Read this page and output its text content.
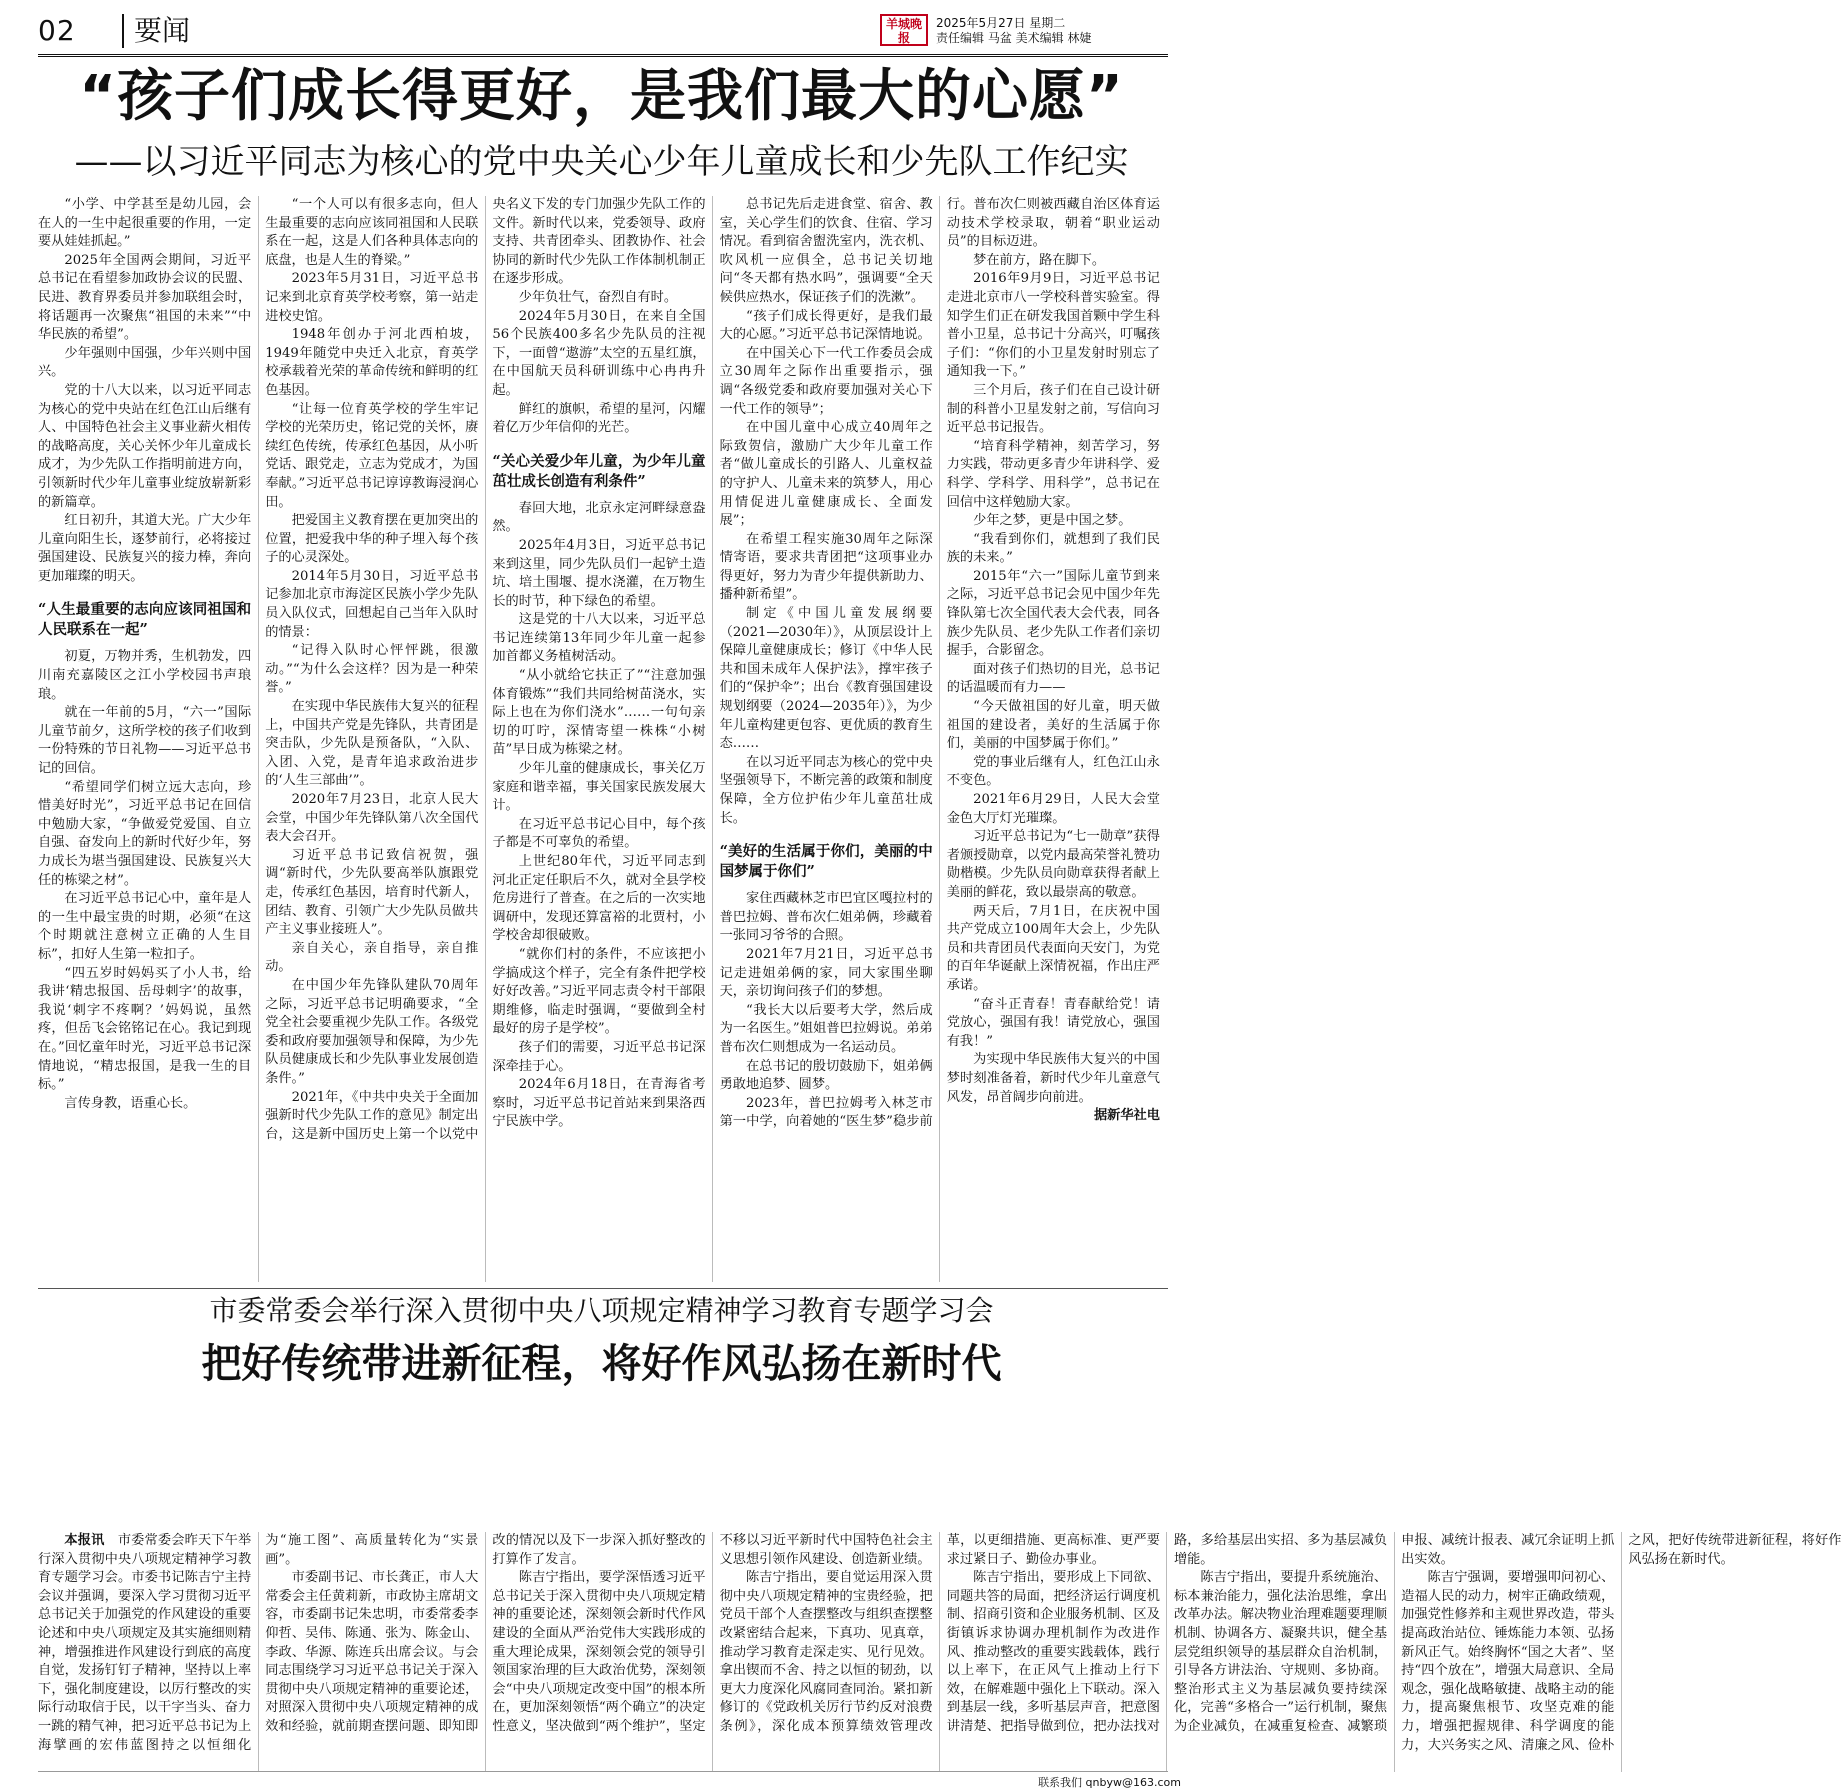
02	要闻	羊城晚报
2025年5月27日 星期二
责任编辑 马盆 美术编辑 林婕
“孩子们成长得更好，是我们最大的心愿”
——以习近平同志为核心的党中央关心少年儿童成长和少先队工作纪实

“小学、中学甚至是幼儿园，会在人的一生中起很重要的作用，一定要从娃娃抓起。”

2025年全国两会期间，习近平总书记在看望参加政协会议的民盟、民进、教育界委员并参加联组会时，将话题再一次聚焦“祖国的未来”“中华民族的希望”。

少年强则中国强，少年兴则中国兴。

党的十八大以来，以习近平同志为核心的党中央站在红色江山后继有人、中国特色社会主义事业薪火相传的战略高度，关心关怀少年儿童成长成才，为少先队工作指明前进方向，引领新时代少年儿童事业绽放崭新彩的新篇章。

红日初升，其道大光。广大少年儿童向阳生长，逐梦前行，必将接过强国建设、民族复兴的接力棒，奔向更加璀璨的明天。

“人生最重要的志向应该同祖国和人民联系在一起”

初夏，万物并秀，生机勃发，四川南充嘉陵区之江小学校园书声琅琅。

就在一年前的5月，“六一”国际儿童节前夕，这所学校的孩子们收到一份特殊的节日礼物——习近平总书记的回信。

“希望同学们树立远大志向，珍惜美好时光”，习近平总书记在回信中勉励大家，“争做爱党爱国、自立自强、奋发向上的新时代好少年，努力成长为堪当强国建设、民族复兴大任的栋梁之材”。

在习近平总书记心中，童年是人的一生中最宝贵的时期，必须“在这个时期就注意树立正确的人生目标”，扣好人生第一粒扣子。

“四五岁时妈妈买了小人书，给我讲‘精忠报国、岳母刺字’的故事，我说‘刺字不疼啊？’妈妈说，虽然疼，但岳飞会铭铭记在心。我记到现在。”回忆童年时光，习近平总书记深情地说，“精忠报国，是我一生的目标。”

言传身教，语重心长。

“一个人可以有很多志向，但人生最重要的志向应该同祖国和人民联系在一起，这是人们各种具体志向的底盘，也是人生的脊梁。”

2023年5月31日，习近平总书记来到北京育英学校考察，第一站走进校史馆。

1948年创办于河北西柏坡，1949年随党中央迁入北京，育英学校承载着光荣的革命传统和鲜明的红色基因。

“让每一位育英学校的学生牢记学校的光荣历史，铭记党的关怀，赓续红色传统，传承红色基因，从小听党话、跟党走，立志为党成才，为国奉献。”习近平总书记谆谆教诲浸润心田。

把爱国主义教育摆在更加突出的位置，把爱我中华的种子埋入每个孩子的心灵深处。

2014年5月30日，习近平总书记参加北京市海淀区民族小学少先队员入队仪式，回想起自己当年入队时的情景：

“记得入队时心怦怦跳，很激动。”“为什么会这样？因为是一种荣誉。”

在实现中华民族伟大复兴的征程上，中国共产党是先锋队，共青团是突击队，少先队是预备队，“入队、入团、入党，是青年追求政治进步的‘人生三部曲’”。

2020年7月23日，北京人民大会堂，中国少年先锋队第八次全国代表大会召开。

习近平总书记致信祝贺，强调“新时代，少先队要高举队旗跟党走，传承红色基因，培育时代新人，团结、教育、引领广大少先队员做共产主义事业接班人”。

亲自关心，亲自指导，亲自推动。

在中国少年先锋队建队70周年之际，习近平总书记明确要求，“全党全社会要重视少先队工作。各级党委和政府要加强领导和保障，为少先队员健康成长和少先队事业发展创造条件。”

2021年，《中共中央关于全面加强新时代少先队工作的意见》制定出台，这是新中国历史上第一个以党中央名义下发的专门加强少先队工作的文件。新时代以来，党委领导、政府支持、共青团牵头、团教协作、社会协同的新时代少先队工作体制机制正在逐步形成。

少年负壮气，奋烈自有时。

2024年5月30日，在来自全国56个民族400多名少先队员的注视下，一面曾“遨游”太空的五星红旗，在中国航天员科研训练中心冉冉升起。

鲜红的旗帜，希望的星河，闪耀着亿万少年信仰的光芒。

“关心关爱少年儿童，为少年儿童茁壮成长创造有利条件”

春回大地，北京永定河畔绿意盎然。

2025年4月3日，习近平总书记来到这里，同少先队员们一起铲土造坑、培土围堰、提水浇灌，在万物生长的时节，种下绿色的希望。

这是党的十八大以来，习近平总书记连续第13年同少年儿童一起参加首都义务植树活动。

“从小就给它扶正了”“注意加强体育锻炼”“我们共同给树苗浇水，实际上也在为你们浇水”……一句句亲切的叮咛，深情寄望一株株“小树苗”早日成为栋梁之材。

少年儿童的健康成长，事关亿万家庭和谐幸福，事关国家民族发展大计。

在习近平总书记心目中，每个孩子都是不可辜负的希望。

上世纪80年代，习近平同志到河北正定任职后不久，就对全县学校危房进行了普查。在之后的一次实地调研中，发现还算富裕的北贾村，小学校舍却很破败。

“就你们村的条件，不应该把小学搞成这个样子，完全有条件把学校好好改善。”习近平同志责令村干部限期维修，临走时强调，“要做到全村最好的房子是学校”。

孩子们的需要，习近平总书记深深牵挂于心。

2024年6月18日，在青海省考察时，习近平总书记首站来到果洛西宁民族中学。

总书记先后走进食堂、宿舍、教室，关心学生们的饮食、住宿、学习情况。看到宿舍盥洗室内，洗衣机、吹风机一应俱全，总书记关切地问“冬天都有热水吗”，强调要“全天候供应热水，保证孩子们的洗漱”。

“孩子们成长得更好，是我们最大的心愿。”习近平总书记深情地说。

在中国关心下一代工作委员会成立30周年之际作出重要指示，强调“各级党委和政府要加强对关心下一代工作的领导”；

在中国儿童中心成立40周年之际致贺信，激励广大少年儿童工作者“做儿童成长的引路人、儿童权益的守护人、儿童未来的筑梦人，用心用情促进儿童健康成长、全面发展”；

在希望工程实施30周年之际深情寄语，要求共青团把“这项事业办得更好，努力为青少年提供新助力、播种新希望”。

制定《中国儿童发展纲要（2021—2030年）》，从顶层设计上保障儿童健康成长；修订《中华人民共和国未成年人保护法》，撑牢孩子们的“保护伞”；出台《教育强国建设规划纲要（2024—2035年）》，为少年儿童构建更包容、更优质的教育生态……

在以习近平同志为核心的党中央坚强领导下，不断完善的政策和制度保障，全方位护佑少年儿童茁壮成长。

“美好的生活属于你们，美丽的中国梦属于你们”

家住西藏林芝市巴宜区嘎拉村的普巴拉姆、普布次仁姐弟俩，珍藏着一张同习爷爷的合照。

2021年7月21日，习近平总书记走进姐弟俩的家，同大家围坐聊天，亲切询问孩子们的梦想。

“我长大以后要考大学，然后成为一名医生。”姐姐普巴拉姆说。弟弟普布次仁则想成为一名运动员。

在总书记的殷切鼓励下，姐弟俩勇敢地追梦、圆梦。

2023年，普巴拉姆考入林芝市第一中学，向着她的“医生梦”稳步前行。普布次仁则被西藏自治区体育运动技术学校录取，朝着“职业运动员”的目标迈进。

梦在前方，路在脚下。

2016年9月9日，习近平总书记走进北京市八一学校科普实验室。得知学生们正在研发我国首颗中学生科普小卫星，总书记十分高兴，叮嘱孩子们：“你们的小卫星发射时别忘了通知我一下。”

三个月后，孩子们在自己设计研制的科普小卫星发射之前，写信向习近平总书记报告。

“培育科学精神，刻苦学习，努力实践，带动更多青少年讲科学、爱科学、学科学、用科学”，总书记在回信中这样勉励大家。

少年之梦，更是中国之梦。

“我看到你们，就想到了我们民族的未来。”

2015年“六一”国际儿童节到来之际，习近平总书记会见中国少年先锋队第七次全国代表大会代表，同各族少先队员、老少先队工作者们亲切握手，合影留念。

面对孩子们热切的目光，总书记的话温暖而有力——

“今天做祖国的好儿童，明天做祖国的建设者，美好的生活属于你们，美丽的中国梦属于你们。”

党的事业后继有人，红色江山永不变色。

2021年6月29日，人民大会堂金色大厅灯光璀璨。

习近平总书记为“七一勋章”获得者颁授勋章，以党内最高荣誉礼赞功勋楷模。少先队员向勋章获得者献上美丽的鲜花，致以最崇高的敬意。

两天后，7月1日，在庆祝中国共产党成立100周年大会上，少先队员和共青团员代表面向天安门，为党的百年华诞献上深情祝福，作出庄严承诺。

“奋斗正青春！青春献给党！请党放心，强国有我！请党放心，强国有我！”

为实现中华民族伟大复兴的中国梦时刻准备着，新时代少年儿童意气风发，昂首阔步向前进。

据新华社电

市委常委会举行深入贯彻中央八项规定精神学习教育专题学习会
把好传统带进新征程，将好作风弘扬在新时代

本报讯　市委常委会昨天下午举行深入贯彻中央八项规定精神学习教育专题学习会。市委书记陈吉宁主持会议并强调，要深入学习贯彻习近平总书记关于加强党的作风建设的重要论述和中央八项规定及其实施细则精神，增强推进作风建设行到底的高度自觉，发扬钉钉子精神，坚持以上率下，强化制度建设，以厉行整改的实际行动取信于民，以干字当头、奋力一跳的精气神，把习近平总书记为上海擘画的宏伟蓝图持之以恒细化为“施工图”、高质量转化为“实景画”。

市委副书记、市长龚正，市人大常委会主任黄莉新，市政协主席胡文容，市委副书记朱忠明，市委常委李仰哲、吴伟、陈通、张为、陈金山、李政、华源、陈连兵出席会议。与会同志围绕学习习近平总书记关于深入贯彻中央八项规定精神的重要论述，对照深入贯彻中央八项规定精神的成效和经验，就前期查摆问题、即知即改的情况以及下一步深入抓好整改的打算作了发言。

陈吉宁指出，要学深悟透习近平总书记关于深入贯彻中央八项规定精神的重要论述，深刻领会新时代作风建设的全面从严治党伟大实践形成的重大理论成果，深刻领会党的领导引领国家治理的巨大政治优势，深刻领会“中央八项规定改变中国”的根本所在，更加深刻领悟“两个确立”的决定性意义，坚决做到“两个维护”，坚定不移以习近平新时代中国特色社会主义思想引领作风建设、创造新业绩。

陈吉宁指出，要自觉运用深入贯彻中央八项规定精神的宝贵经验，把党员干部个人查摆整改与组织查摆整改紧密结合起来，下真功、见真章，推动学习教育走深走实、见行见效。拿出锲而不舍、持之以恒的韧劲，以更大力度深化风腐同查同治。紧扣新修订的《党政机关厉行节约反对浪费条例》，深化成本预算绩效管理改革，以更细措施、更高标准、更严要求过紧日子、勤俭办事业。

陈吉宁指出，要形成上下同欲、同题共答的局面，把经济运行调度机制、招商引资和企业服务机制、区及街镇诉求协调办理机制作为改进作风、推动整改的重要实践载体，践行以上率下，在正风气上推动上行下效，在解难题中强化上下联动。深入到基层一线，多听基层声音，把意图讲清楚、把指导做到位，把办法找对路，多给基层出实招、多为基层减负增能。

陈吉宁指出，要提升系统施治、标本兼治能力，强化法治思维，拿出改革办法。解决物业治理难题要理顺机制、协调各方、凝聚共识，健全基层党组织领导的基层群众自治机制，引导各方讲法治、守规则、多协商。整治形式主义为基层减负要持续深化，完善“多格合一”运行机制，聚焦为企业减负，在减重复检查、减繁琐申报、减统计报表、减冗余证明上抓出实效。

陈吉宁强调，要增强叩问初心、造福人民的动力，树牢正确政绩观，加强党性修养和主观世界改造，带头提高政治站位、锤炼能力本领、弘扬新风正气。始终胸怀“国之大者”、坚持“四个放在”，增强大局意识、全局观念，强化战略敏捷、战略主动的能力，提高聚焦根节、攻坚克难的能力，增强把握规律、科学调度的能力，大兴务实之风、清廉之风、俭朴之风，把好传统带进新征程，将好作风弘扬在新时代。

联系我们 qnbyw@163.com
